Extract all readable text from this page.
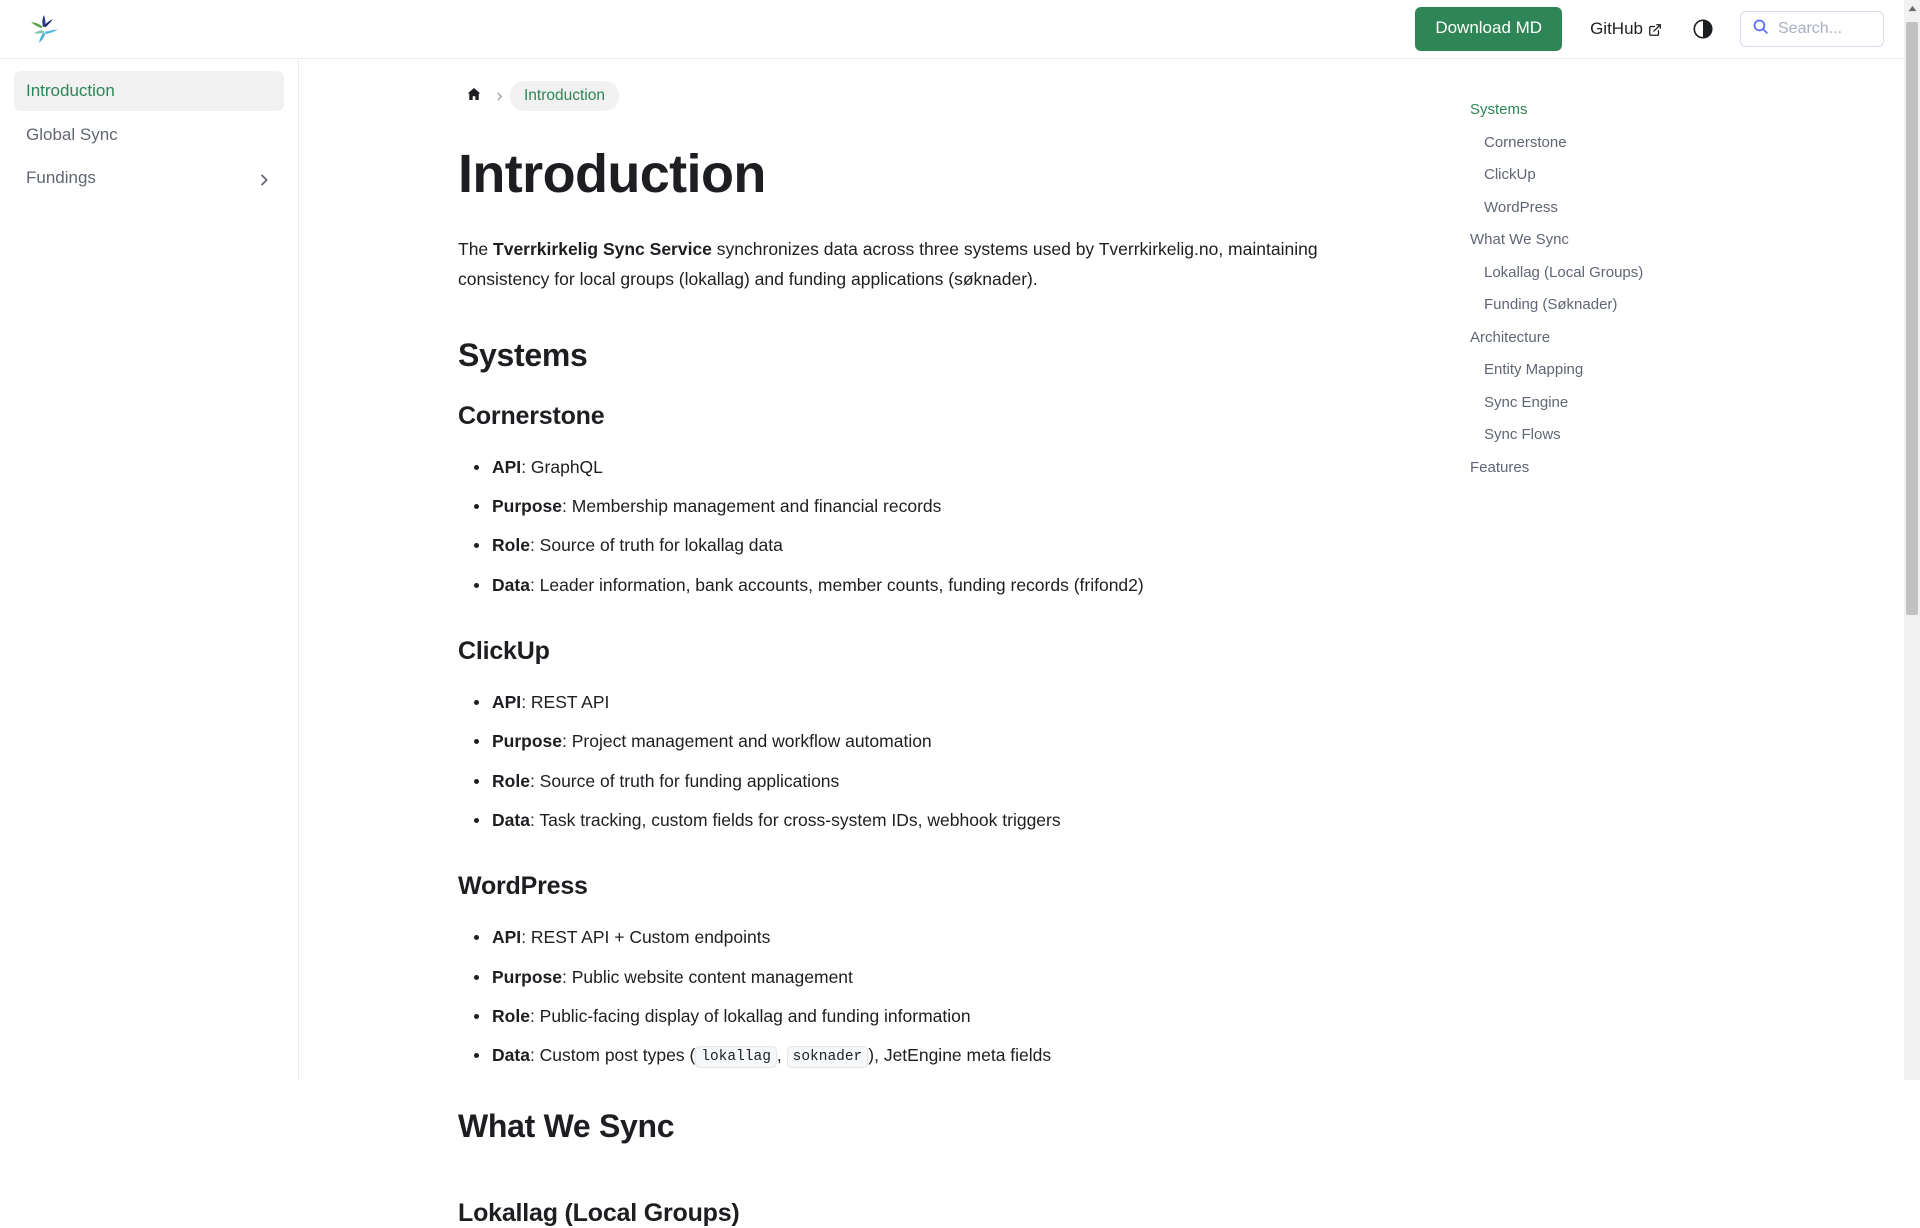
Download MD	GitHub	Search...
Introduction
Global Sync
Fundings
Introduction
Introduction

The Tverrkirkelig Sync Service synchronizes data across three systems used by Tverrkirkelig.no, maintaining consistency for local groups (lokallag) and funding applications (søknader).

Systems
Cornerstone
API: GraphQL
Purpose: Membership management and financial records
Role: Source of truth for lokallag data
Data: Leader information, bank accounts, member counts, funding records (frifond2)
ClickUp
API: REST API
Purpose: Project management and workflow automation
Role: Source of truth for funding applications
Data: Task tracking, custom fields for cross-system IDs, webhook triggers
WordPress
API: REST API + Custom endpoints
Purpose: Public website content management
Role: Public-facing display of lokallag and funding information
Data: Custom post types ( lokallag , soknader ), JetEngine meta fields
What We Sync
Lokallag (Local Groups)
Systems
Cornerstone
ClickUp
WordPress
What We Sync
Lokallag (Local Groups)
Funding (Søknader)
Architecture
Entity Mapping
Sync Engine
Sync Flows
Features
